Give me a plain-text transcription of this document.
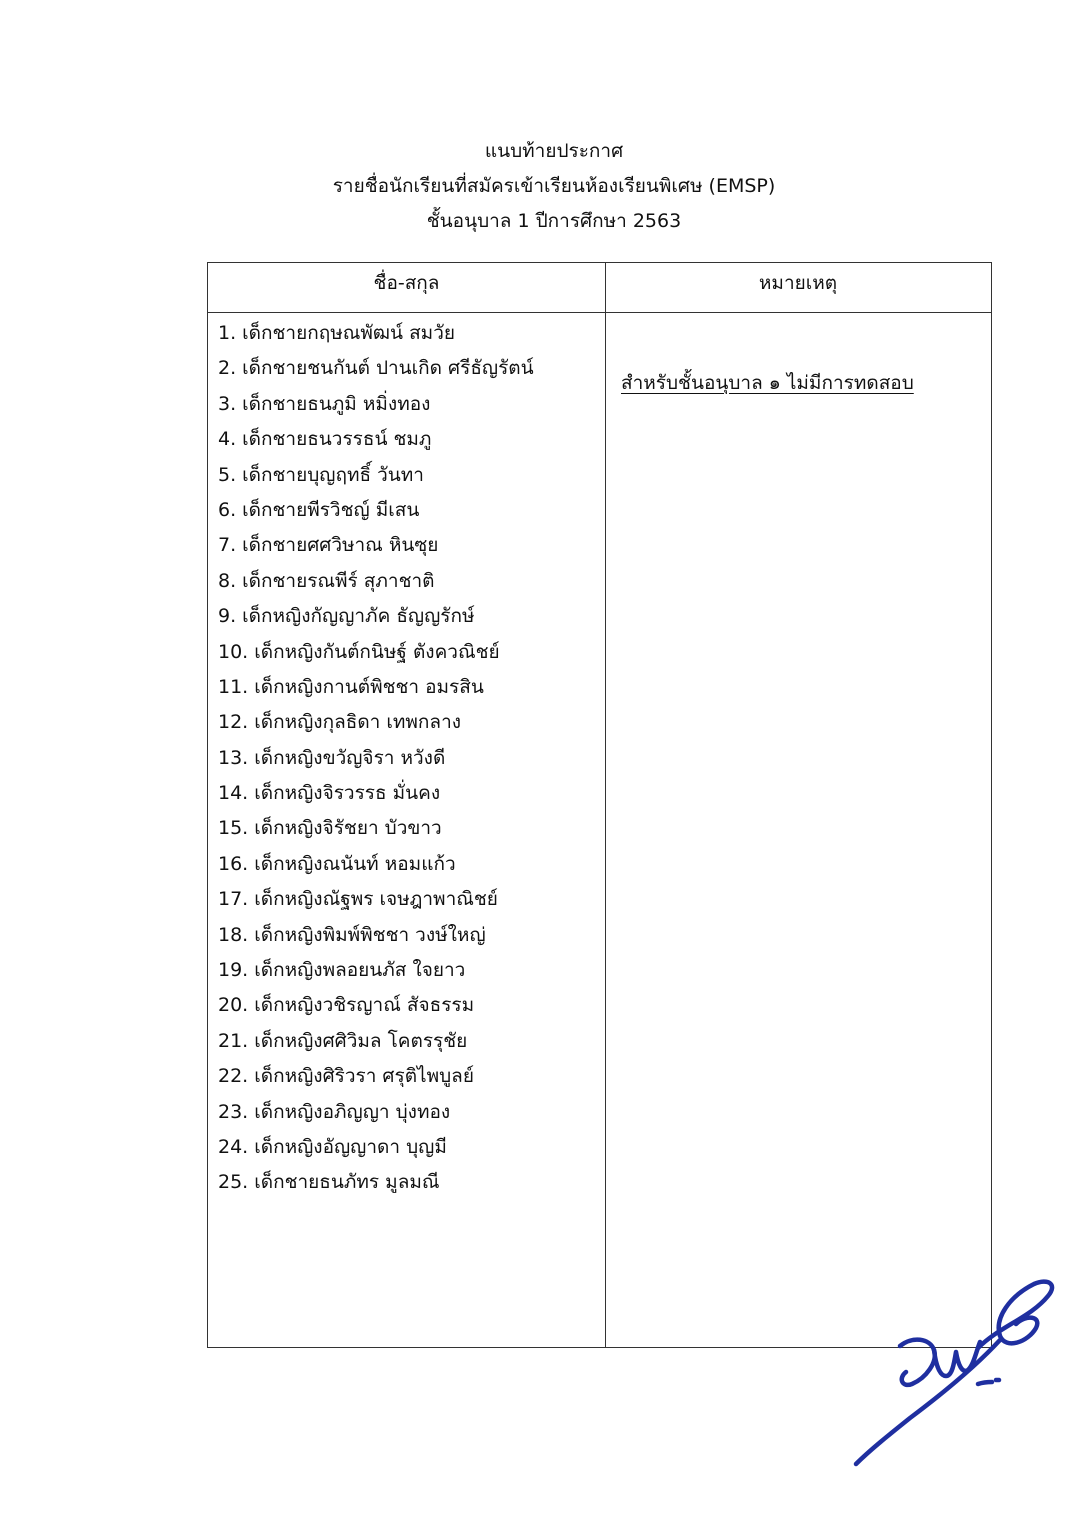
แนบท้ายประกาศ
รายชื่อนักเรียนที่สมัครเข้าเรียนห้องเรียนพิเศษ (EMSP)
ชั้นอนุบาล 1 ปีการศึกษา 2563
ชื่อ-สกุล	หมายเหตุ
1. เด็กชายกฤษณพัฒน์ สมวัย
2. เด็กชายชนกันต์ ปานเกิด ศรีธัญรัตน์
3. เด็กชายธนภูมิ หมิ่งทอง
4. เด็กชายธนวรรธน์ ชมภู
5. เด็กชายบุญฤทธิ์ วันทา
6. เด็กชายพีรวิชญ์ มีเสน
7. เด็กชายศศวิษาณ หินซุย
8. เด็กชายรณพีร์ สุภาชาติ
9. เด็กหญิงกัญญาภัค ธัญญรักษ์
10. เด็กหญิงกันต์กนิษฐ์ ตังควณิชย์
11. เด็กหญิงกานต์พิชชา อมรสิน
12. เด็กหญิงกุลธิดา เทพกลาง
13. เด็กหญิงขวัญจิรา หวังดี
14. เด็กหญิงจิรวรรธ มั่นคง
15. เด็กหญิงจิรัชยา บัวขาว
16. เด็กหญิงณนันท์ หอมแก้ว
17. เด็กหญิงณัฐพร เจษฎาพาณิชย์
18. เด็กหญิงพิมพ์พิชชา วงษ์ใหญ่
19. เด็กหญิงพลอยนภัส ใจยาว
20. เด็กหญิงวชิรญาณ์ สัจธรรม
21. เด็กหญิงศศิวิมล โคตรรุชัย
22. เด็กหญิงศิริวรา ศรุติไพบูลย์
23. เด็กหญิงอภิญญา บุ่งทอง
24. เด็กหญิงอัญญาดา บุญมี
25. เด็กชายธนภัทร มูลมณี
สำหรับชั้นอนุบาล ๑ ไม่มีการทดสอบ
